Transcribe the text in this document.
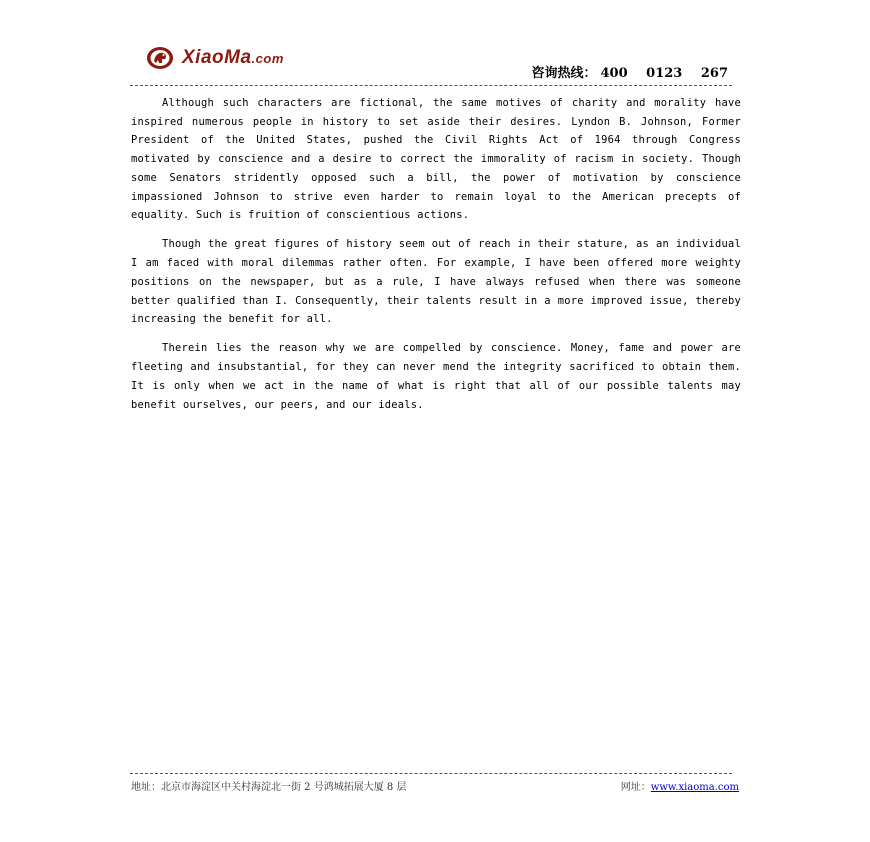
XiaoMa.com
咨询热线： 400 0123 267

Although such characters are fictional, the same motives of charity and morality have inspired numerous people in history to set aside their desires. Lyndon B. Johnson, Former President of the United States, pushed the Civil Rights Act of 1964 through Congress motivated by conscience and a desire to correct the immorality of racism in society. Though some Senators stridently opposed such a bill, the power of motivation by conscience impassioned Johnson to strive even harder to remain loyal to the American precepts of equality. Such is fruition of conscientious actions.

Though the great figures of history seem out of reach in their stature, as an individual I am faced with moral dilemmas rather often. For example, I have been offered more weighty positions on the newspaper, but as a rule, I have always refused when there was someone better qualified than I. Consequently, their talents result in a more improved issue, thereby increasing the benefit for all.

Therein lies the reason why we are compelled by conscience. Money, fame and power are fleeting and insubstantial, for they can never mend the integrity sacrificed to obtain them. It is only when we act in the name of what is right that all of our possible talents may benefit ourselves, our peers, and our ideals.

地址：北京市海淀区中关村海淀北一街 2 号鸿城拓展大厦 8 层	网址：www.xiaoma.com
